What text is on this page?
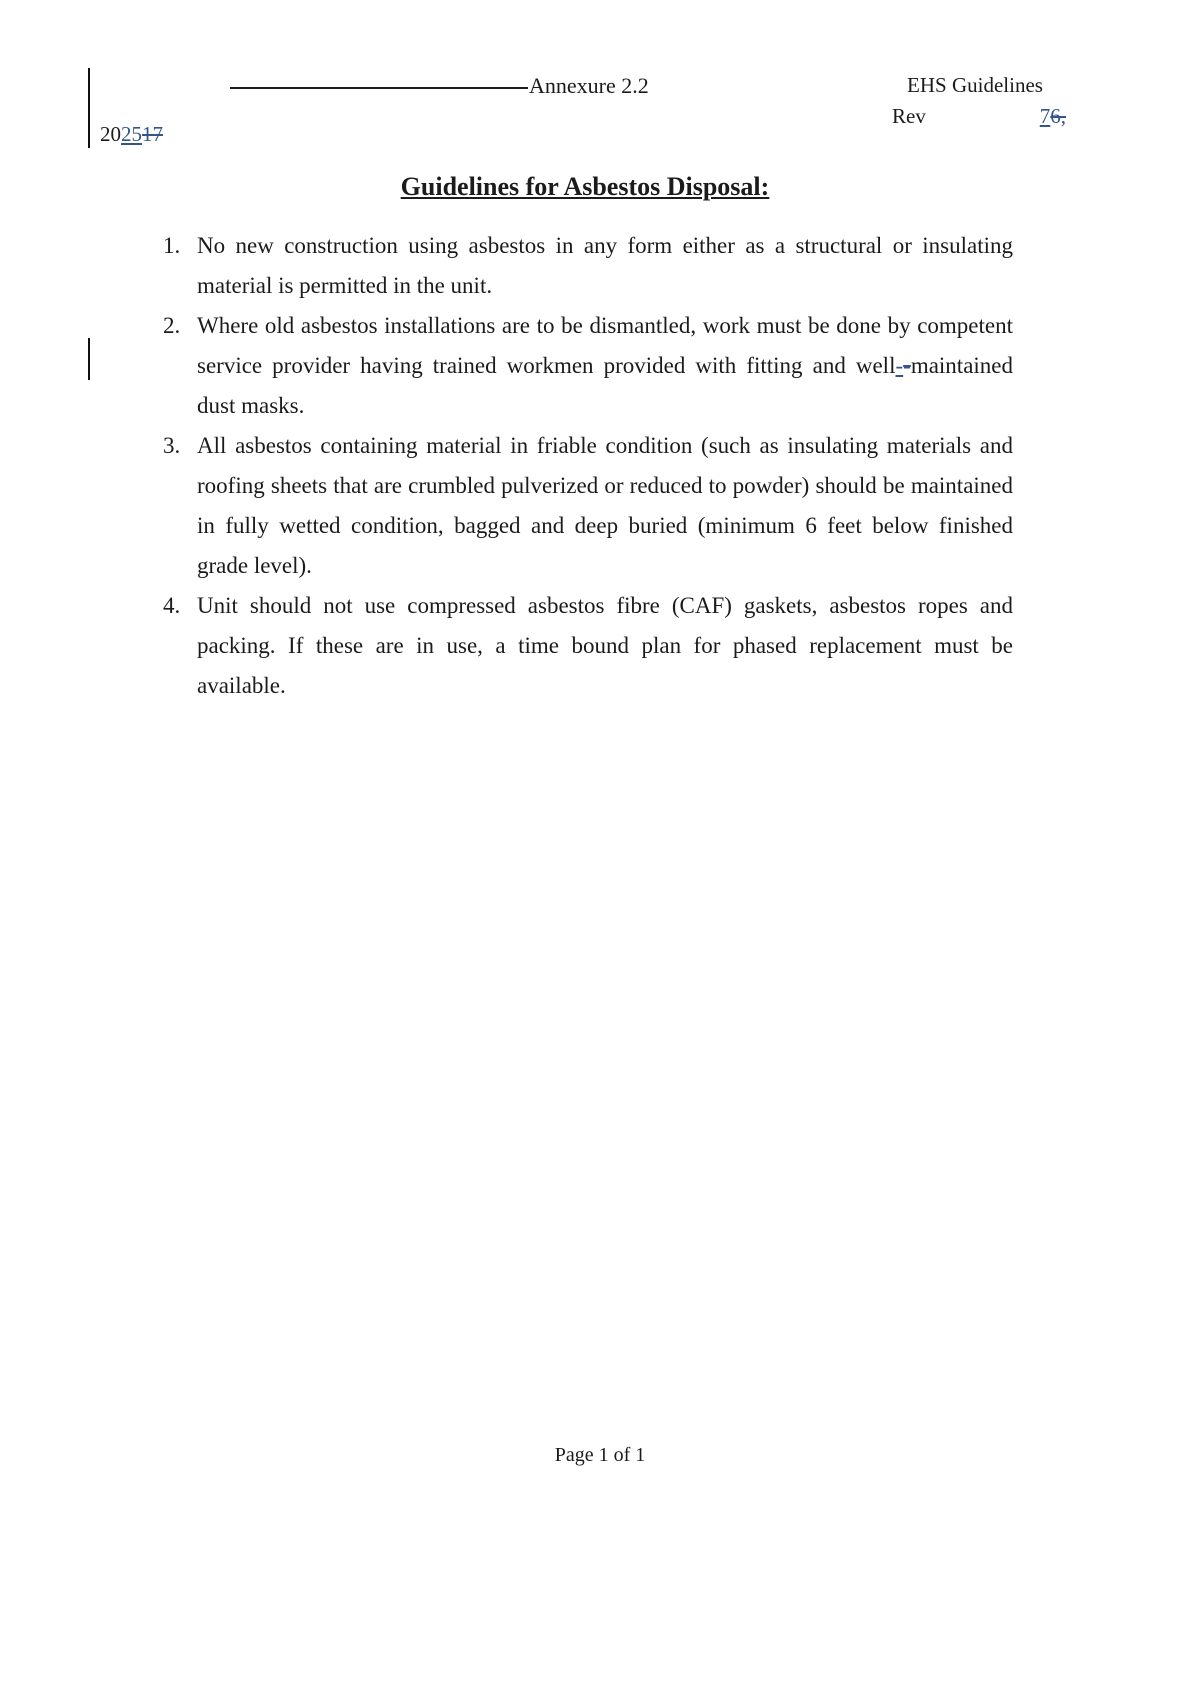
Annexure 2.2	EHS Guidelines
Rev	76,
202517
Guidelines for Asbestos Disposal:
1. No new construction using asbestos in any form either as a structural or insulating material is permitted in the unit.
2. Where old asbestos installations are to be dismantled, work must be done by competent service provider having trained workmen provided with fitting and well--maintained dust masks.
3. All asbestos containing material in friable condition (such as insulating materials and roofing sheets that are crumbled pulverized or reduced to powder) should be maintained in fully wetted condition, bagged and deep buried (minimum 6 feet below finished grade level).
4. Unit should not use compressed asbestos fibre (CAF) gaskets, asbestos ropes and packing. If these are in use, a time bound plan for phased replacement must be available.
Page 1 of 1
